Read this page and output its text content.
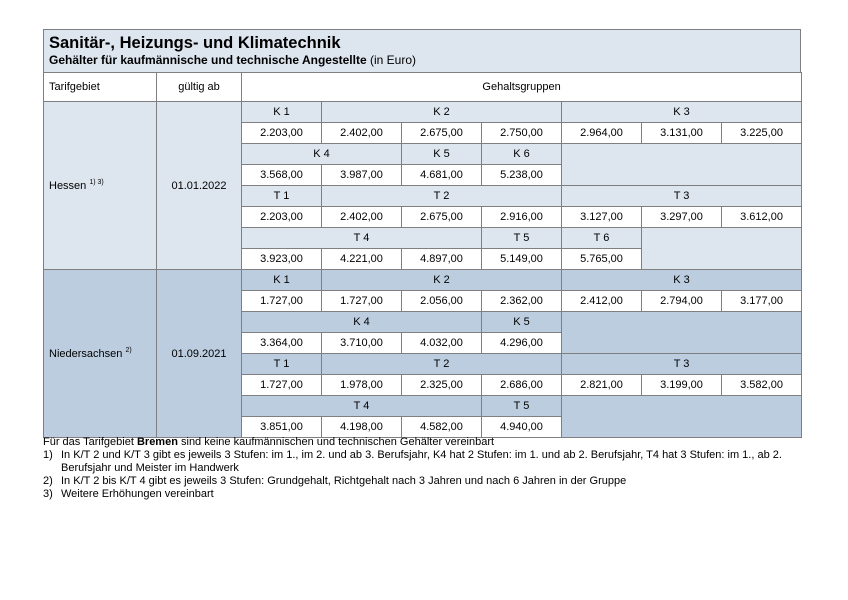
Sanitär-, Heizungs- und Klimatechnik
Gehälter für kaufmännische und technische Angestellte (in Euro)
Tarifgebiet	gültig ab	Gehaltsgruppen						
Hessen $^{1) 3)}$	01.01.2022	K 1	K 2			K 3		
		2.203,00	2.402,00	2.675,00	2.750,00	2.964,00	3.131,00	3.225,00
		K 4		K 5	K 6			
		3.568,00	3.987,00	4.681,00	5.238,00			
		T 1	T 2			T 3		
		2.203,00	2.402,00	2.675,00	2.916,00	3.127,00	3.297,00	3.612,00
		T 4			T 5	T 6		
		3.923,00	4.221,00	4.897,00	5.149,00	5.765,00		
Niedersachsen $^{2)}$	01.09.2021	K 1	K 2			K 3		
		1.727,00	1.727,00	2.056,00	2.362,00	2.412,00	2.794,00	3.177,00
		K 4			K 5			
		3.364,00	3.710,00	4.032,00	4.296,00			
		T 1	T 2			T 3		
		1.727,00	1.978,00	2.325,00	2.686,00	2.821,00	3.199,00	3.582,00
		T 4			T 5			
		3.851,00	4.198,00	4.582,00	4.940,00			

Für das Tarifgebiet Bremen sind keine kaufmännischen und technischen Gehälter vereinbart

1) In K/T 2 und K/T 3 gibt es jeweils 3 Stufen: im 1., im 2. und ab 3. Berufsjahr, K4 hat 2 Stufen: im 1. und ab 2. Berufsjahr, T4 hat 3 Stufen: im 1., ab 2. Berufsjahr und Meister im Handwerk
2) In K/T 2 bis K/T 4 gibt es jeweils 3 Stufen: Grundgehalt, Richtgehalt nach 3 Jahren und nach 6 Jahren in der Gruppe
3) Weitere Erhöhungen vereinbart
